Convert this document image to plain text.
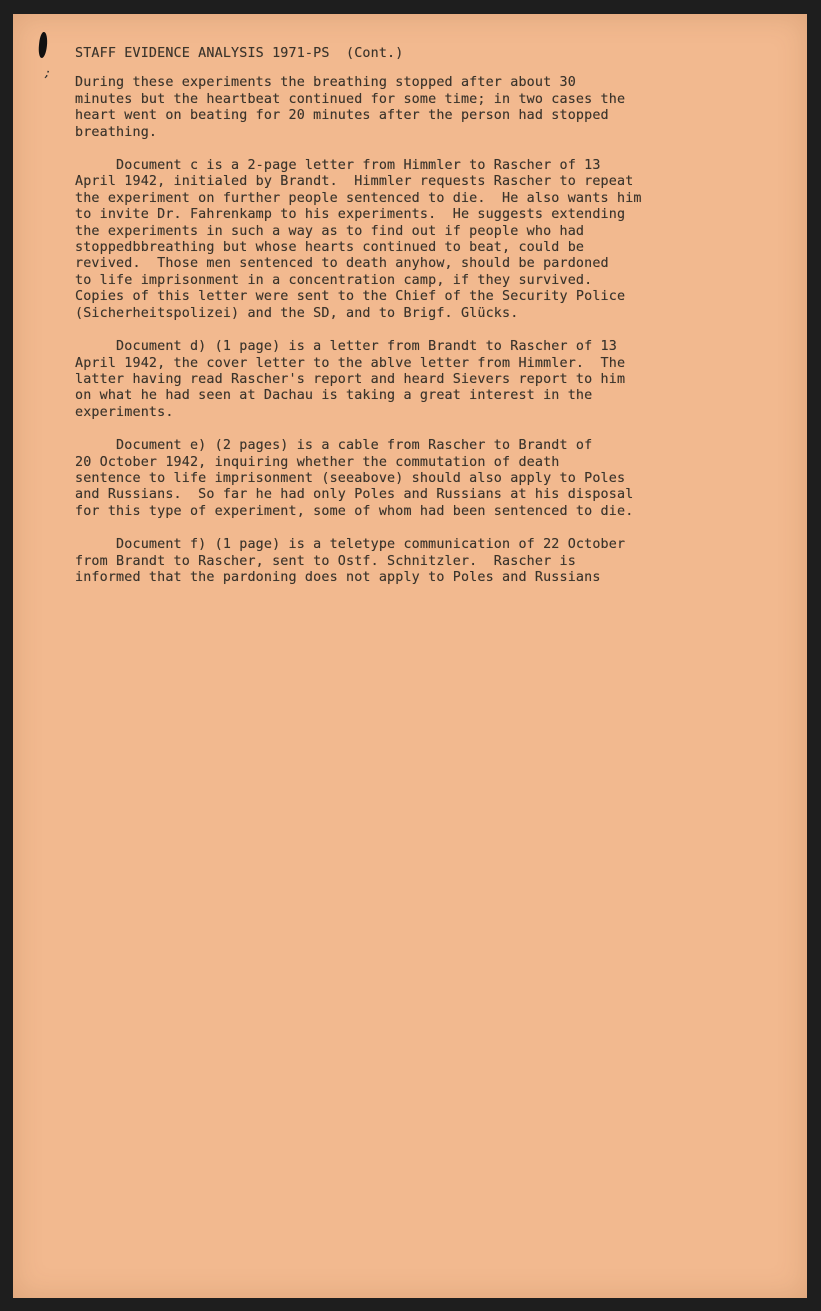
;
STAFF EVIDENCE ANALYSIS 1971-PS  (Cont.)
During these experiments the breathing stopped after about 30
minutes but the heartbeat continued for some time; in two cases the
heart went on beating for 20 minutes after the person had stopped
breathing.
Document c is a 2-page letter from Himmler to Rascher of 13
April 1942, initialed by Brandt.  Himmler requests Rascher to repeat
the experiment on further people sentenced to die.  He also wants him
to invite Dr. Fahrenkamp to his experiments.  He suggests extending
the experiments in such a way as to find out if people who had
stoppedbbreathing but whose hearts continued to beat, could be
revived.  Those men sentenced to death anyhow, should be pardoned
to life imprisonment in a concentration camp, if they survived.
Copies of this letter were sent to the Chief of the Security Police
(Sicherheitspolizei) and the SD, and to Brigf. Glücks.
Document d) (1 page) is a letter from Brandt to Rascher of 13
April 1942, the cover letter to the ablve letter from Himmler.  The
latter having read Rascher's report and heard Sievers report to him
on what he had seen at Dachau is taking a great interest in the
experiments.
Document e) (2 pages) is a cable from Rascher to Brandt of
20 October 1942, inquiring whether the commutation of death
sentence to life imprisonment (seeabove) should also apply to Poles
and Russians.  So far he had only Poles and Russians at his disposal
for this type of experiment, some of whom had been sentenced to die.
Document f) (1 page) is a teletype communication of 22 October
from Brandt to Rascher, sent to Ostf. Schnitzler.  Rascher is
informed that the pardoning does not apply to Poles and Russians
